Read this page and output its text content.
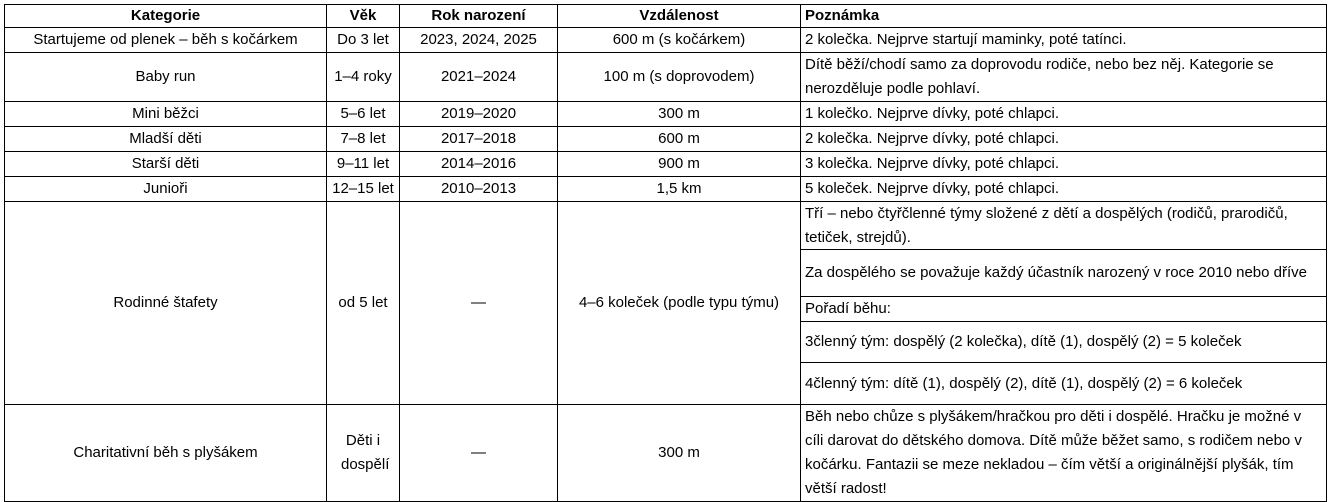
Kategorie	Věk	Rok narození	Vzdálenost	Poznámka
Startujeme od plenek – běh s kočárkem	Do 3 let	2023, 2024, 2025	600 m (s kočárkem)	2 kolečka. Nejprve startují maminky, poté tatínci.
Baby run	1–4 roky	2021–2024	100 m (s doprovodem)	Dítě běží/chodí samo za doprovodu rodiče, nebo bez něj. Kategorie se nerozděluje podle pohlaví.
Mini běžci	5–6 let	2019–2020	300 m	1 kolečko. Nejprve dívky, poté chlapci.
Mladší děti	7–8 let	2017–2018	600 m	2 kolečka. Nejprve dívky, poté chlapci.
Starší děti	9–11 let	2014–2016	900 m	3 kolečka. Nejprve dívky, poté chlapci.
Junioři	12–15 let	2010–2013	1,5 km	5 koleček. Nejprve dívky, poté chlapci.
Rodinné štafety	od 5 let	—	4–6 koleček (podle typu týmu)	Tří – nebo čtyřčlenné týmy složené z dětí a dospělých (rodičů, prarodičů, tetiček, strejdů).
Za dospělého se považuje každý účastník narozený v roce 2010 nebo dříve
Pořadí běhu:
3členný tým: dospělý (2 kolečka), dítě (1), dospělý (2) = 5 koleček
4členný tým: dítě (1), dospělý (2), dítě (1), dospělý (2) = 6 koleček

Charitativní běh s plyšákem	Děti i dospělí	—	300 m	Běh nebo chůze s plyšákem/hračkou pro děti i dospělé. Hračku je možné v cíli darovat do dětského domova. Dítě může běžet samo, s rodičem nebo v kočárku. Fantazii se meze nekladou – čím větší a originálnější plyšák, tím větší radost!
